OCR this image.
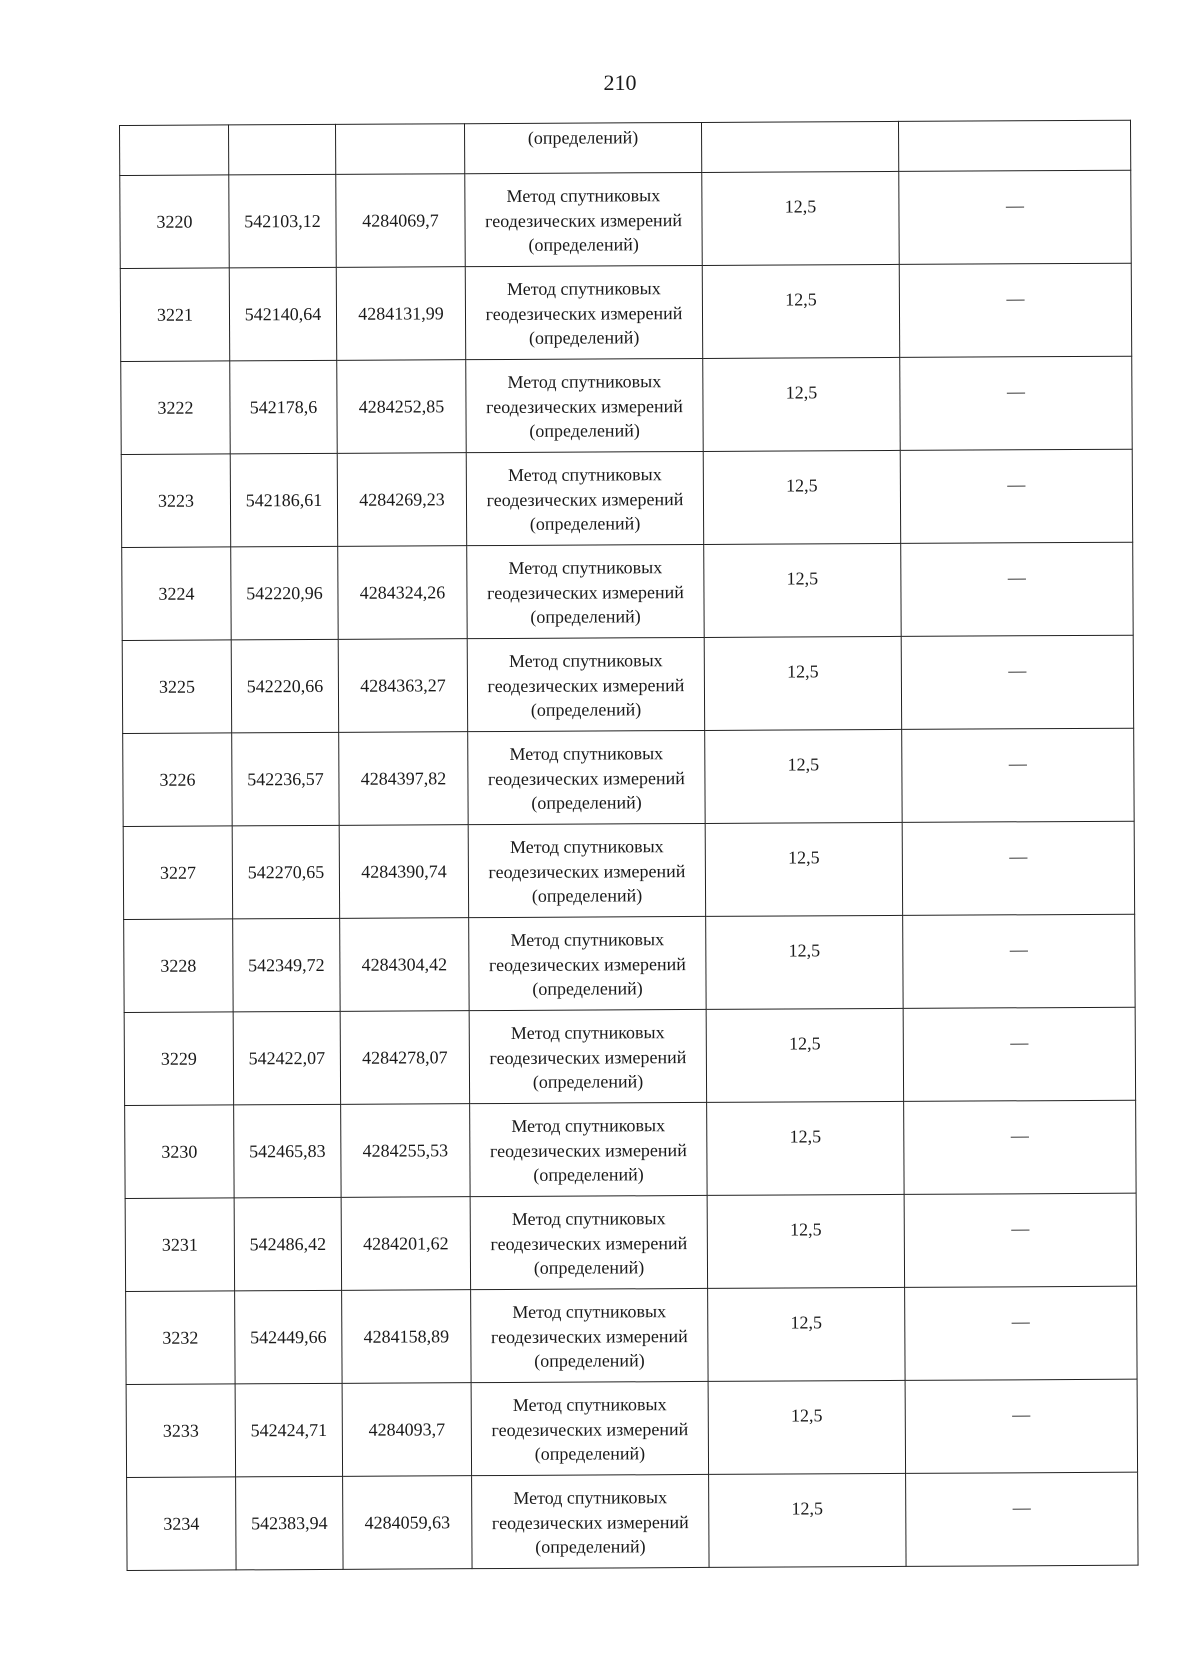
210
			(определений)		
3220	542103,12	4284069,7	Метод спутниковых
геодезических измерений
(определений)	12,5	—
3221	542140,64	4284131,99	Метод спутниковых
геодезических измерений
(определений)	12,5	—
3222	542178,6	4284252,85	Метод спутниковых
геодезических измерений
(определений)	12,5	—
3223	542186,61	4284269,23	Метод спутниковых
геодезических измерений
(определений)	12,5	—
3224	542220,96	4284324,26	Метод спутниковых
геодезических измерений
(определений)	12,5	—
3225	542220,66	4284363,27	Метод спутниковых
геодезических измерений
(определений)	12,5	—
3226	542236,57	4284397,82	Метод спутниковых
геодезических измерений
(определений)	12,5	—
3227	542270,65	4284390,74	Метод спутниковых
геодезических измерений
(определений)	12,5	—
3228	542349,72	4284304,42	Метод спутниковых
геодезических измерений
(определений)	12,5	—
3229	542422,07	4284278,07	Метод спутниковых
геодезических измерений
(определений)	12,5	—
3230	542465,83	4284255,53	Метод спутниковых
геодезических измерений
(определений)	12,5	—
3231	542486,42	4284201,62	Метод спутниковых
геодезических измерений
(определений)	12,5	—
3232	542449,66	4284158,89	Метод спутниковых
геодезических измерений
(определений)	12,5	—
3233	542424,71	4284093,7	Метод спутниковых
геодезических измерений
(определений)	12,5	—
3234	542383,94	4284059,63	Метод спутниковых
геодезических измерений
(определений)	12,5	—
